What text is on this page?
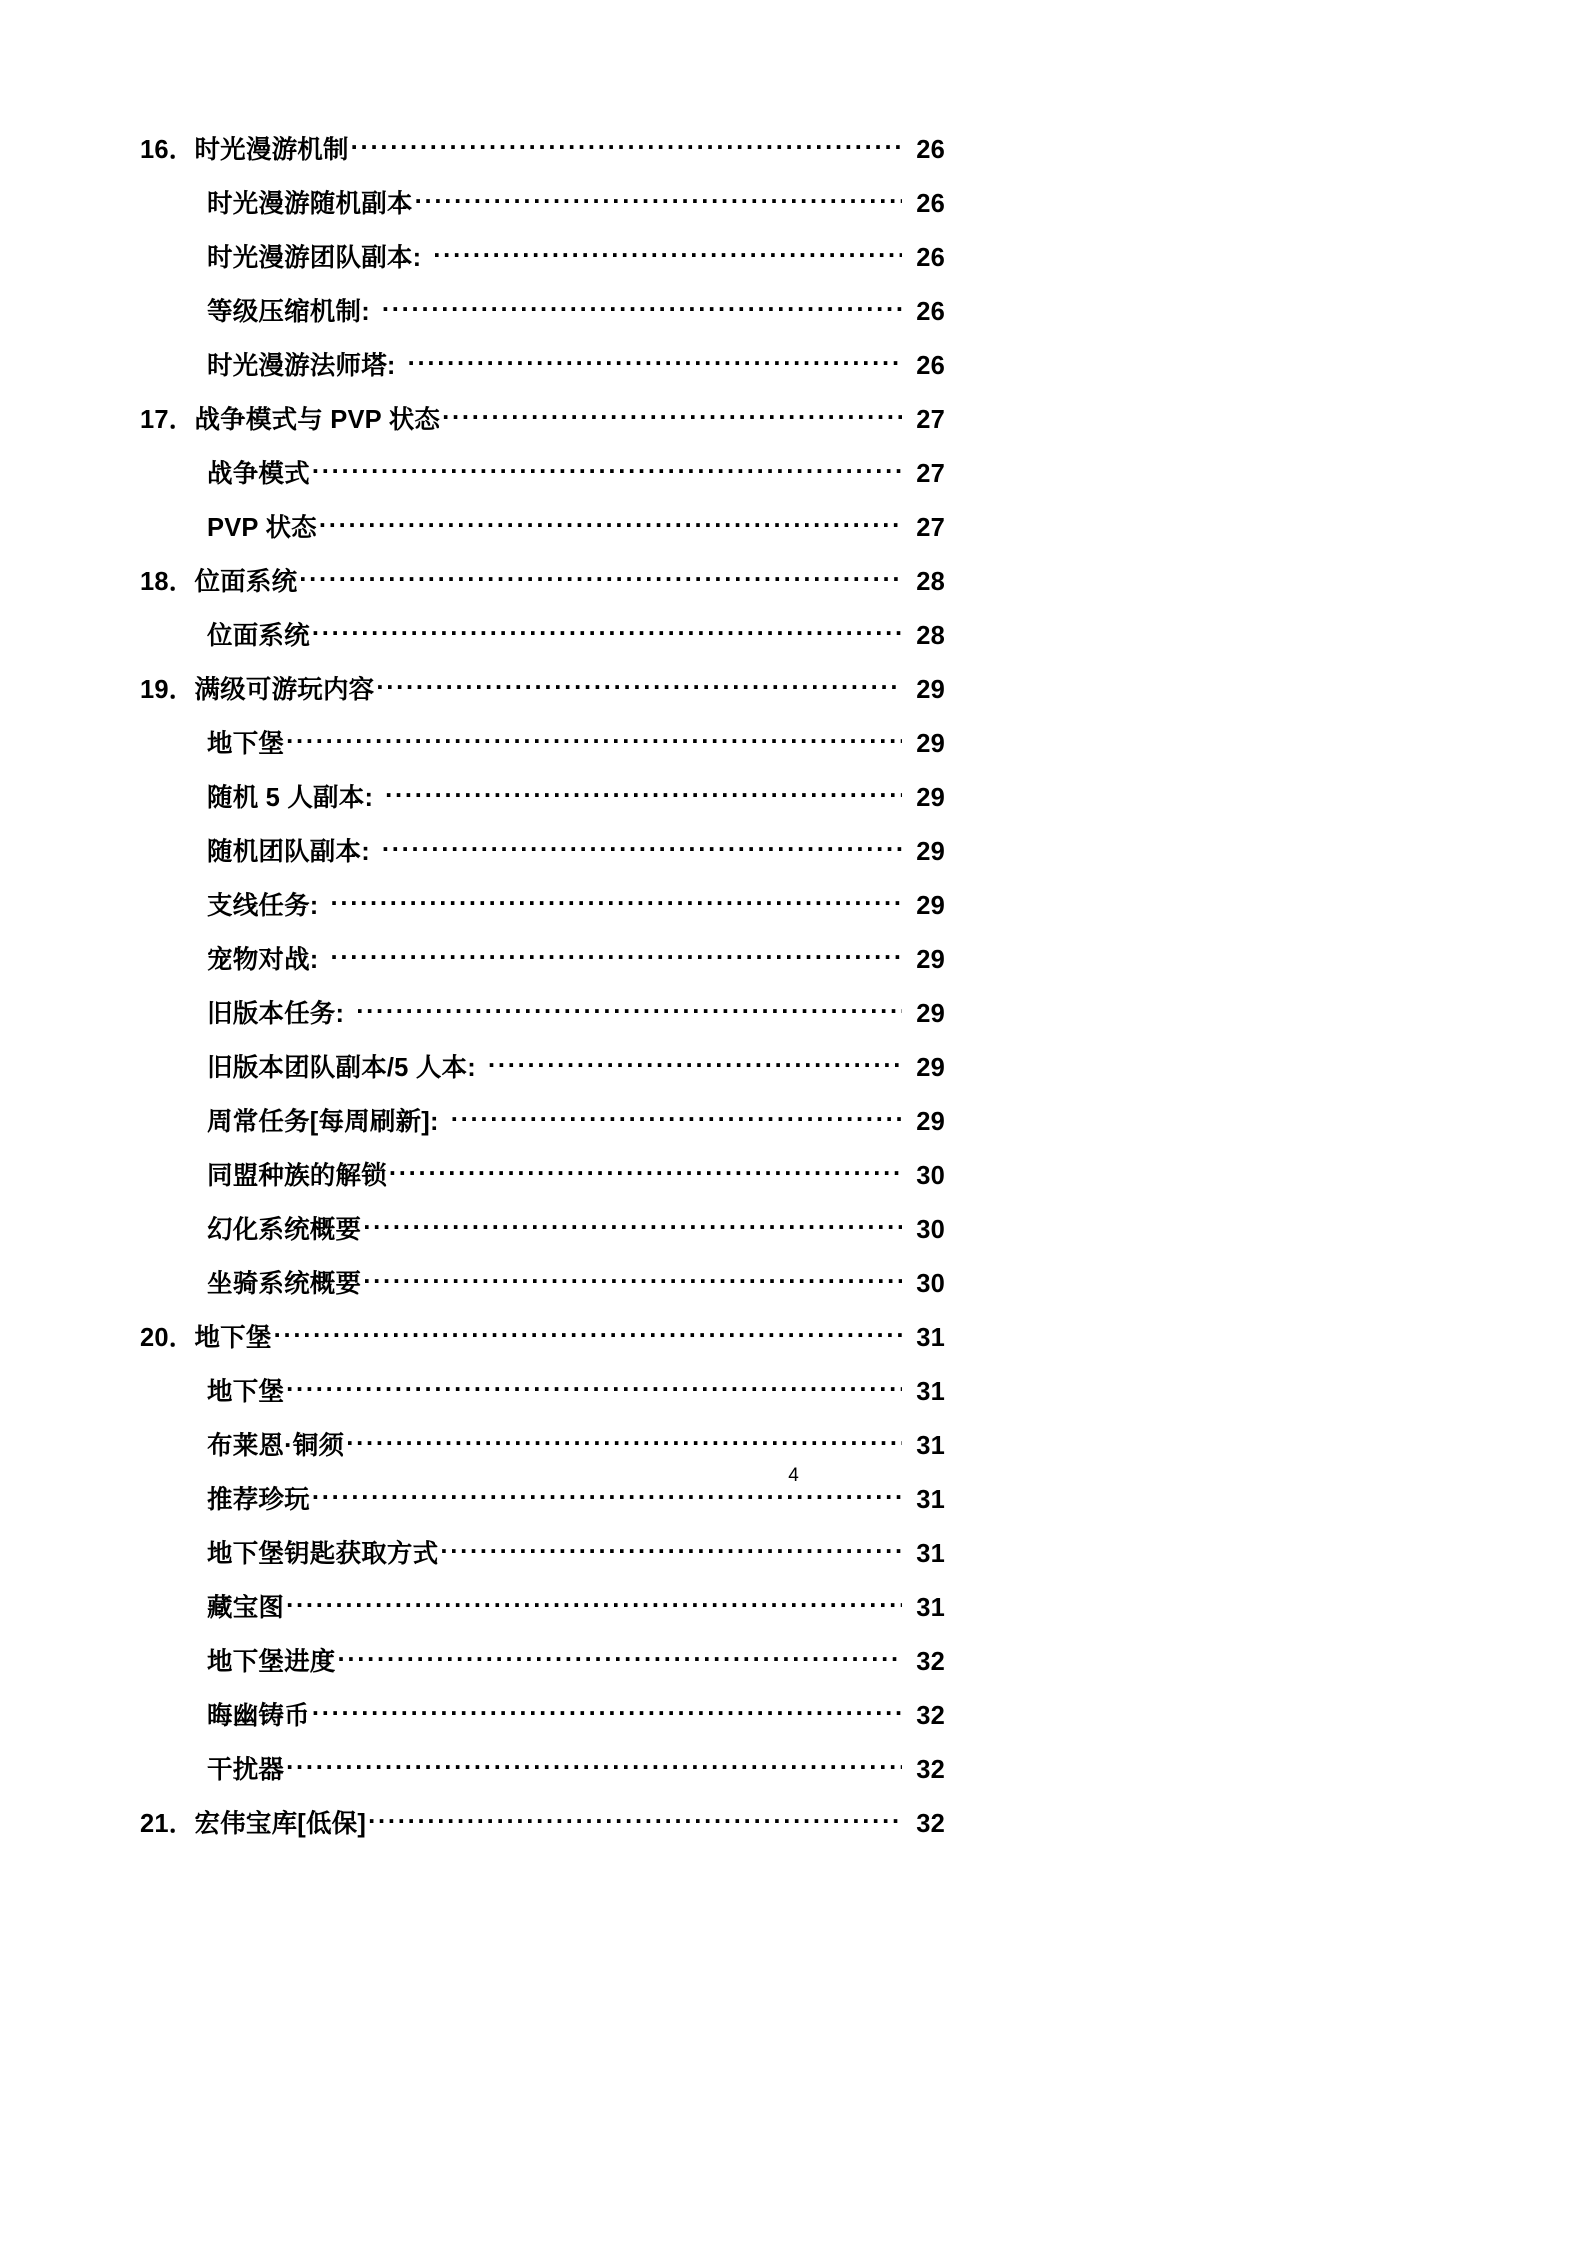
16．时光漫游机制 .....	26
时光漫游随机副本 .....	26
时光漫游团队副本: .....	26
等级压缩机制: .....	26
时光漫游法师塔: .....	26
17．战争模式与 PVP 状态 .....	27
战争模式 .....	27
PVP 状态 .....	27
18．位面系统 .....	28
位面系统 .....	28
19．满级可游玩内容 .....	29
地下堡 .....	29
随机 5 人副本: .....	29
随机团队副本: .....	29
支线任务: .....	29
宠物对战: .....	29
旧版本任务: .....	29
旧版本团队副本/5 人本: .....	29
周常任务[每周刷新]: .....	29
同盟种族的解锁 .....	30
幻化系统概要 .....	30
坐骑系统概要 .....	30
20．地下堡 .....	31
地下堡 .....	31
布莱恩·铜须 .....	31
推荐珍玩 .....	31
地下堡钥匙获取方式 .....	31
藏宝图 .....	31
地下堡进度 .....	32
晦幽铸币 .....	32
干扰器 .....	32
21．宏伟宝库[低保] .....	32
4
